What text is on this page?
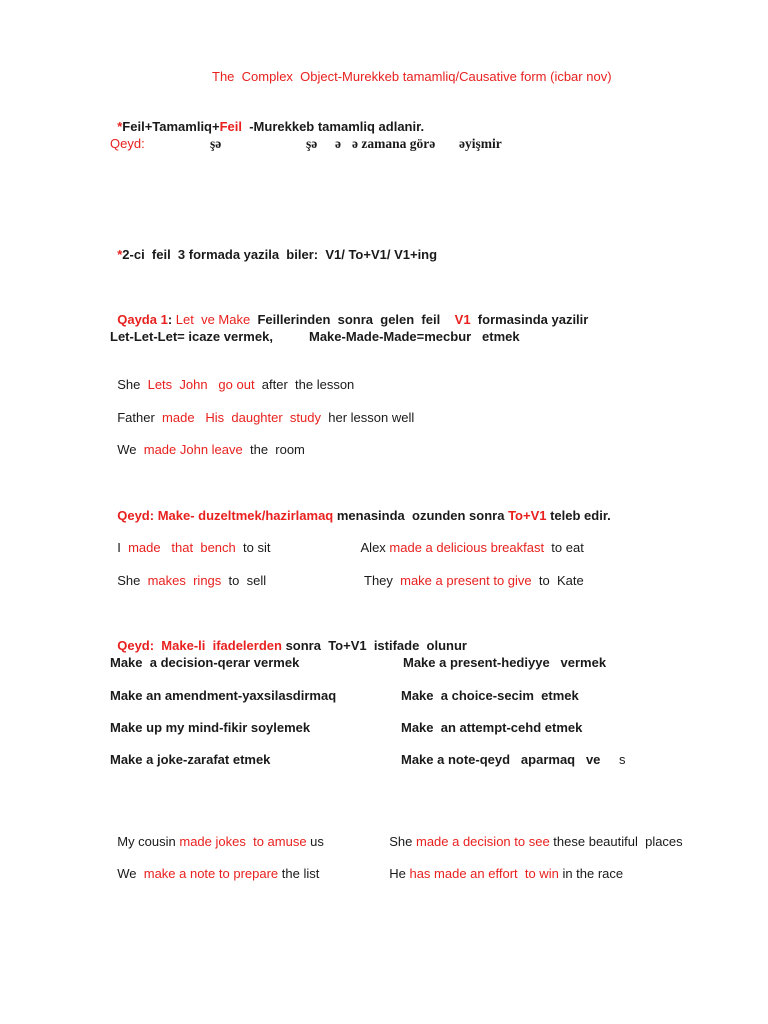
The  Complex  Object-Murekkeb tamamliq/Causative form (icbar nov)

*Feil+Tamamliq+Feil  -Murekkeb tamamliq adlanir.

Qeyd:	şə	şə ə ə zamana görə əyişmir

*2-ci  feil  3 formada yazila  biler:  V1/ To+V1/ V1+ing

Qayda 1: Let  ve Make  Feillerinden  sonra  gelen  feil    V1  formasinda yazilir

Let-Let-Let= icaze vermek,	Make-Made-Made=mecbur   etmek

She  Lets  John   go out  after  the lesson

Father  made   His  daughter  study  her lesson well

We  made John leave  the  room

Qeyd: Make- duzeltmek/hazirlamaq menasinda  ozunden sonra To+V1 teleb edir.

I  made   that  bench  to sit	Alex made a delicious breakfast  to eat

She  makes  rings  to  sell	They  make a present to give  to  Kate

Qeyd:  Make-li  ifadelerden sonra  To+V1  istifade  olunur

Make  a decision-qerar vermek	Make a present-hediyye   vermek
Make an amendment-yaxsilasdirmaq	Make  a choice-secim  etmek
Make up my mind-fikir soylemek	Make  an attempt-cehd etmek
Make a joke-zarafat etmek	Make a note-qeyd   aparmaq   ve s

My cousin made jokes  to amuse us	She made a decision to see these beautiful  places

We  make a note to prepare the list	He has made an effort  to win in the race
